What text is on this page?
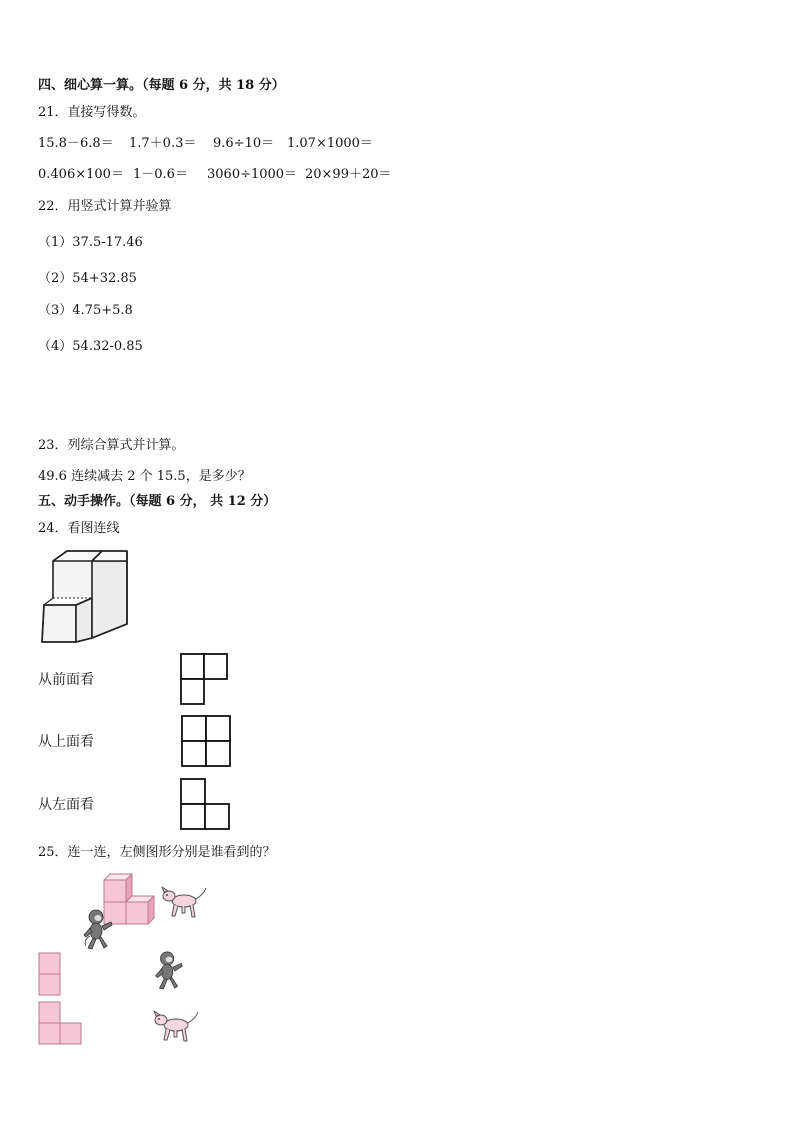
四、细心算一算。（每题 6 分，共 18 分）
21．直接写得数。
15.8－6.8＝ 1.7＋0.3＝ 9.6÷10＝ 1.07×1000＝
0.406×100＝ 1－0.6＝ 3060÷1000＝ 20×99＋20＝
22．用竖式计算并验算
（1）37.5-17.46
（2）54+32.85
（3）4.75+5.8
（4）54.32-0.85
23．列综合算式并计算。
49.6 连续减去 2 个 15.5，是多少？
五、动手操作。（每题 6 分， 共 12 分）
24．看图连线
从前面看
从上面看
从左面看
25．连一连，左侧图形分别是谁看到的？
